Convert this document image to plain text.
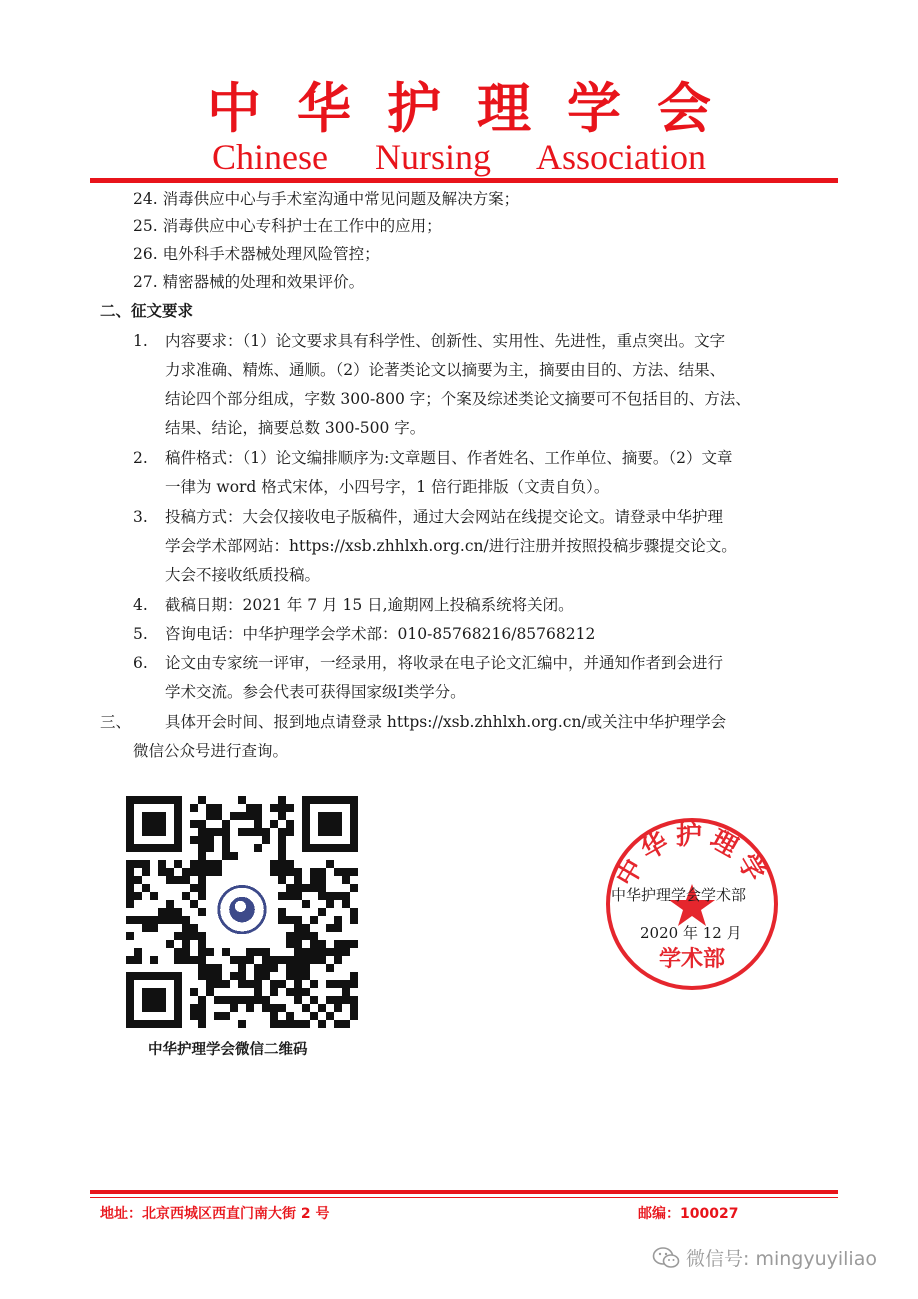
中华护理学会
Chinese Nursing Association
24. 消毒供应中心与手术室沟通中常见问题及解决方案；
25. 消毒供应中心专科护士在工作中的应用；
26. 电外科手术器械处理风险管控；
27. 精密器械的处理和效果评价。
二、征文要求
1. 内容要求：（1）论文要求具有科学性、创新性、实用性、先进性，重点突出。文字
力求准确、精炼、通顺。（2）论著类论文以摘要为主，摘要由目的、方法、结果、
结论四个部分组成，字数 300-800 字；个案及综述类论文摘要可不包括目的、方法、
结果、结论，摘要总数 300-500 字。
2. 稿件格式：（1）论文编排顺序为:文章题目、作者姓名、工作单位、摘要。（2）文章
一律为 word 格式宋体，小四号字，1 倍行距排版（文责自负）。
3. 投稿方式：大会仅接收电子版稿件，通过大会网站在线提交论文。请登录中华护理
学会学术部网站：https://xsb.zhhlxh.org.cn/进行注册并按照投稿步骤提交论文。
大会不接收纸质投稿。
4. 截稿日期：2021 年 7 月 15 日,逾期网上投稿系统将关闭。
5. 咨询电话：中华护理学会学术部：010-85768216/85768212
6. 论文由专家统一评审，一经录用，将收录在电子论文汇编中，并通知作者到会进行
学术交流。参会代表可获得国家级Ⅰ类学分。
三、 具体开会时间、报到地点请登录 https://xsb.zhhlxh.org.cn/或关注中华护理学会
微信公众号进行查询。
中华护理学会微信二维码
中华护理学
学术部
中华护理学会学术部
2020 年 12 月
地址：北京西城区西直门南大街 2 号	邮编：100027
微信号: mingyuyiliao
